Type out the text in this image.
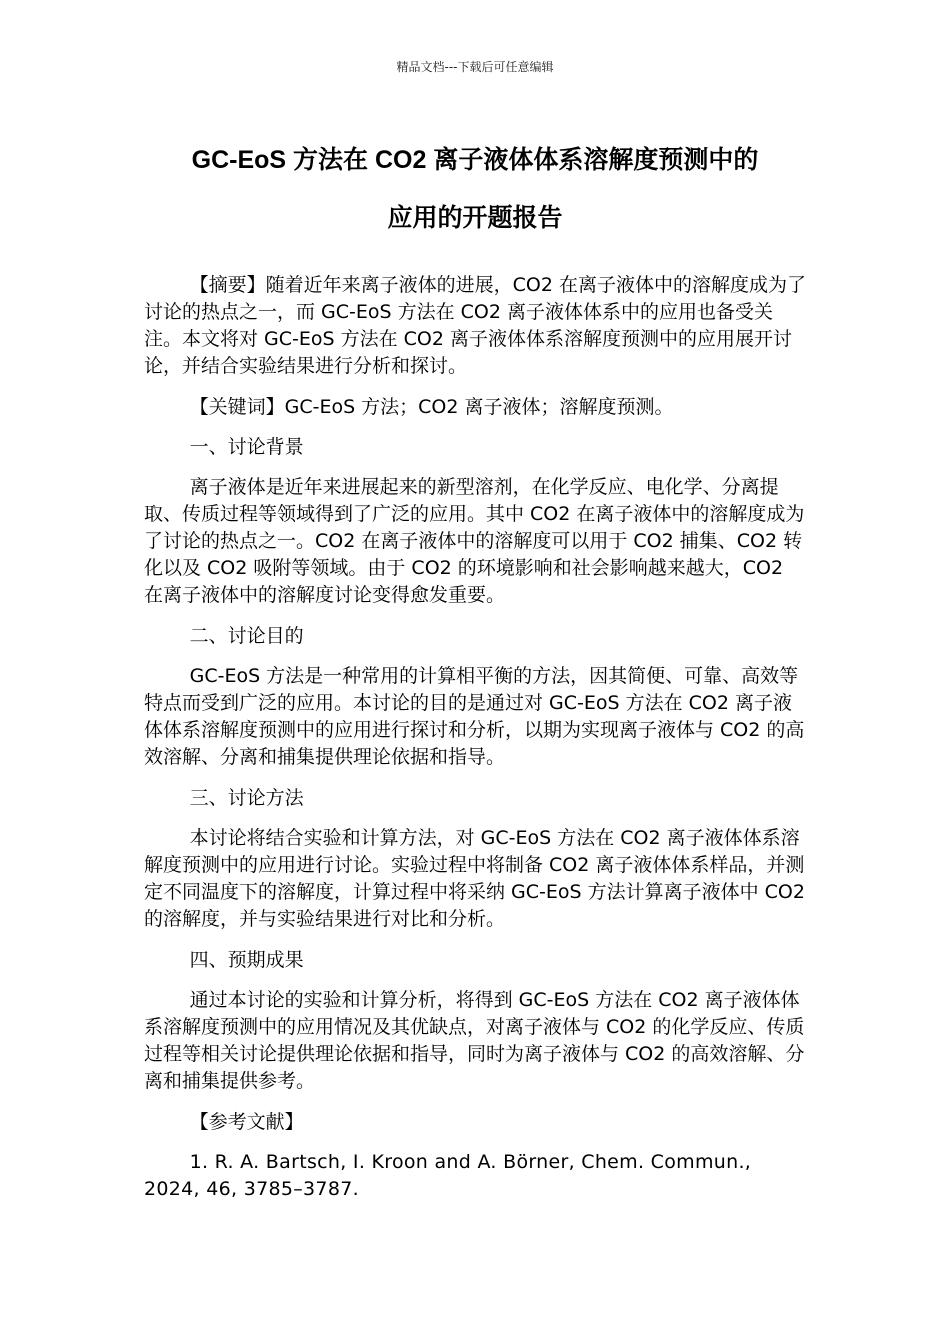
精品文档---下载后可任意编辑
GC-EoS 方法在 CO2 离子液体体系溶解度预测中的
应用的开题报告

【摘要】随着近年来离子液体的进展，CO2 在离子液体中的溶解度成为了讨论的热点之一，而 GC-EoS 方法在 CO2 离子液体体系中的应用也备受关注。本文将对 GC-EoS 方法在 CO2 离子液体体系溶解度预测中的应用展开讨论，并结合实验结果进行分析和探讨。

【关键词】GC-EoS 方法；CO2 离子液体；溶解度预测。

一、讨论背景

离子液体是近年来进展起来的新型溶剂，在化学反应、电化学、分离提取、传质过程等领域得到了广泛的应用。其中 CO2 在离子液体中的溶解度成为了讨论的热点之一。CO2 在离子液体中的溶解度可以用于 CO2 捕集、CO2 转化以及 CO2 吸附等领域。由于 CO2 的环境影响和社会影响越来越大，CO2 在离子液体中的溶解度讨论变得愈发重要。

二、讨论目的

GC-EoS 方法是一种常用的计算相平衡的方法，因其简便、可靠、高效等特点而受到广泛的应用。本讨论的目的是通过对 GC-EoS 方法在 CO2 离子液体体系溶解度预测中的应用进行探讨和分析，以期为实现离子液体与 CO2 的高效溶解、分离和捕集提供理论依据和指导。

三、讨论方法

本讨论将结合实验和计算方法，对 GC-EoS 方法在 CO2 离子液体体系溶解度预测中的应用进行讨论。实验过程中将制备 CO2 离子液体体系样品，并测定不同温度下的溶解度，计算过程中将采纳 GC-EoS 方法计算离子液体中 CO2 的溶解度，并与实验结果进行对比和分析。

四、预期成果

通过本讨论的实验和计算分析，将得到 GC-EoS 方法在 CO2 离子液体体系溶解度预测中的应用情况及其优缺点，对离子液体与 CO2 的化学反应、传质过程等相关讨论提供理论依据和指导，同时为离子液体与 CO2 的高效溶解、分离和捕集提供参考。

【参考文献】

1. R. A. Bartsch, I. Kroon and A. Börner, Chem. Commun., 2024, 46, 3785–3787.
